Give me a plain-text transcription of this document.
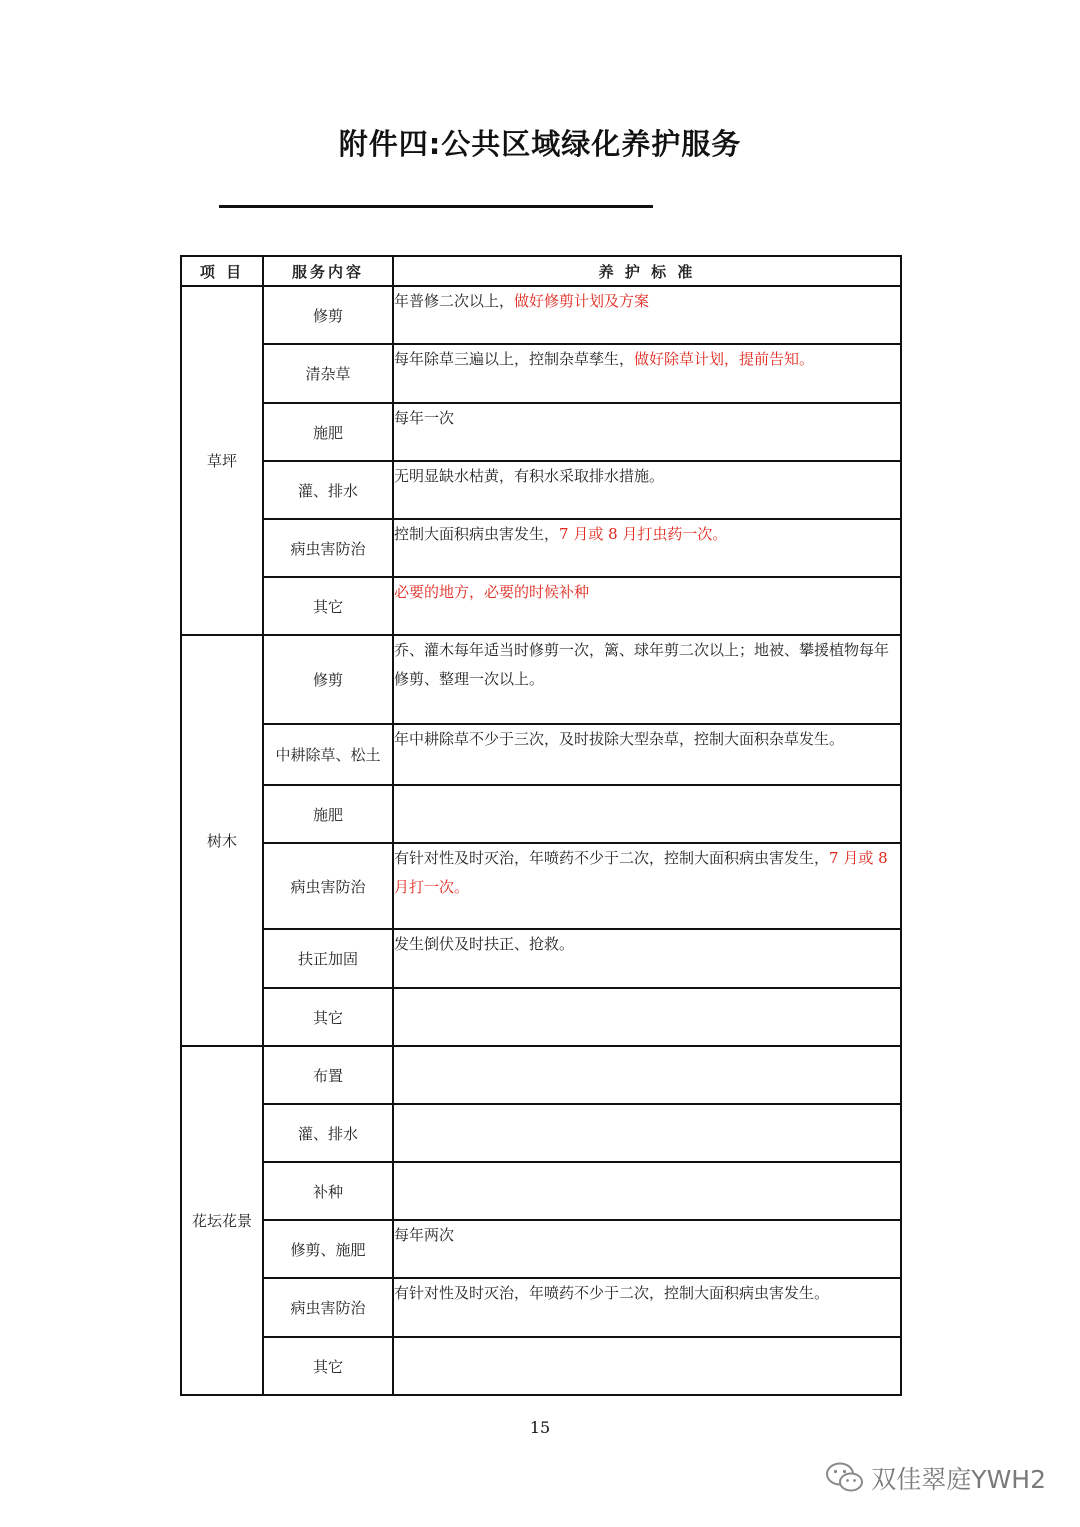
附件四:公共区域绿化养护服务
项 目	服务内容	养 护 标 准
草坪	修剪	年普修二次以上，做好修剪计划及方案
	清杂草	每年除草三遍以上，控制杂草孳生，做好除草计划，提前告知。
	施肥	每年一次
	灌、排水	无明显缺水枯黄，有积水采取排水措施。
	病虫害防治	控制大面积病虫害发生，7 月或 8 月打虫药一次。
	其它	必要的地方，必要的时候补种
树木	修剪	乔、灌木每年适当时修剪一次，篱、球年剪二次以上；地被、攀援植物每年修剪、整理一次以上。
	中耕除草、松土	年中耕除草不少于三次，及时拔除大型杂草，控制大面积杂草发生。
	施肥	
	病虫害防治	有针对性及时灭治，年喷药不少于二次，控制大面积病虫害发生，7 月或 8 月打一次。
	扶正加固	发生倒伏及时扶正、抢救。
	其它	
花坛花景	布置	
	灌、排水	
	补种	
	修剪、施肥	每年两次
	病虫害防治	有针对性及时灭治，年喷药不少于二次，控制大面积病虫害发生。
	其它	
15
双佳翠庭YWH2
